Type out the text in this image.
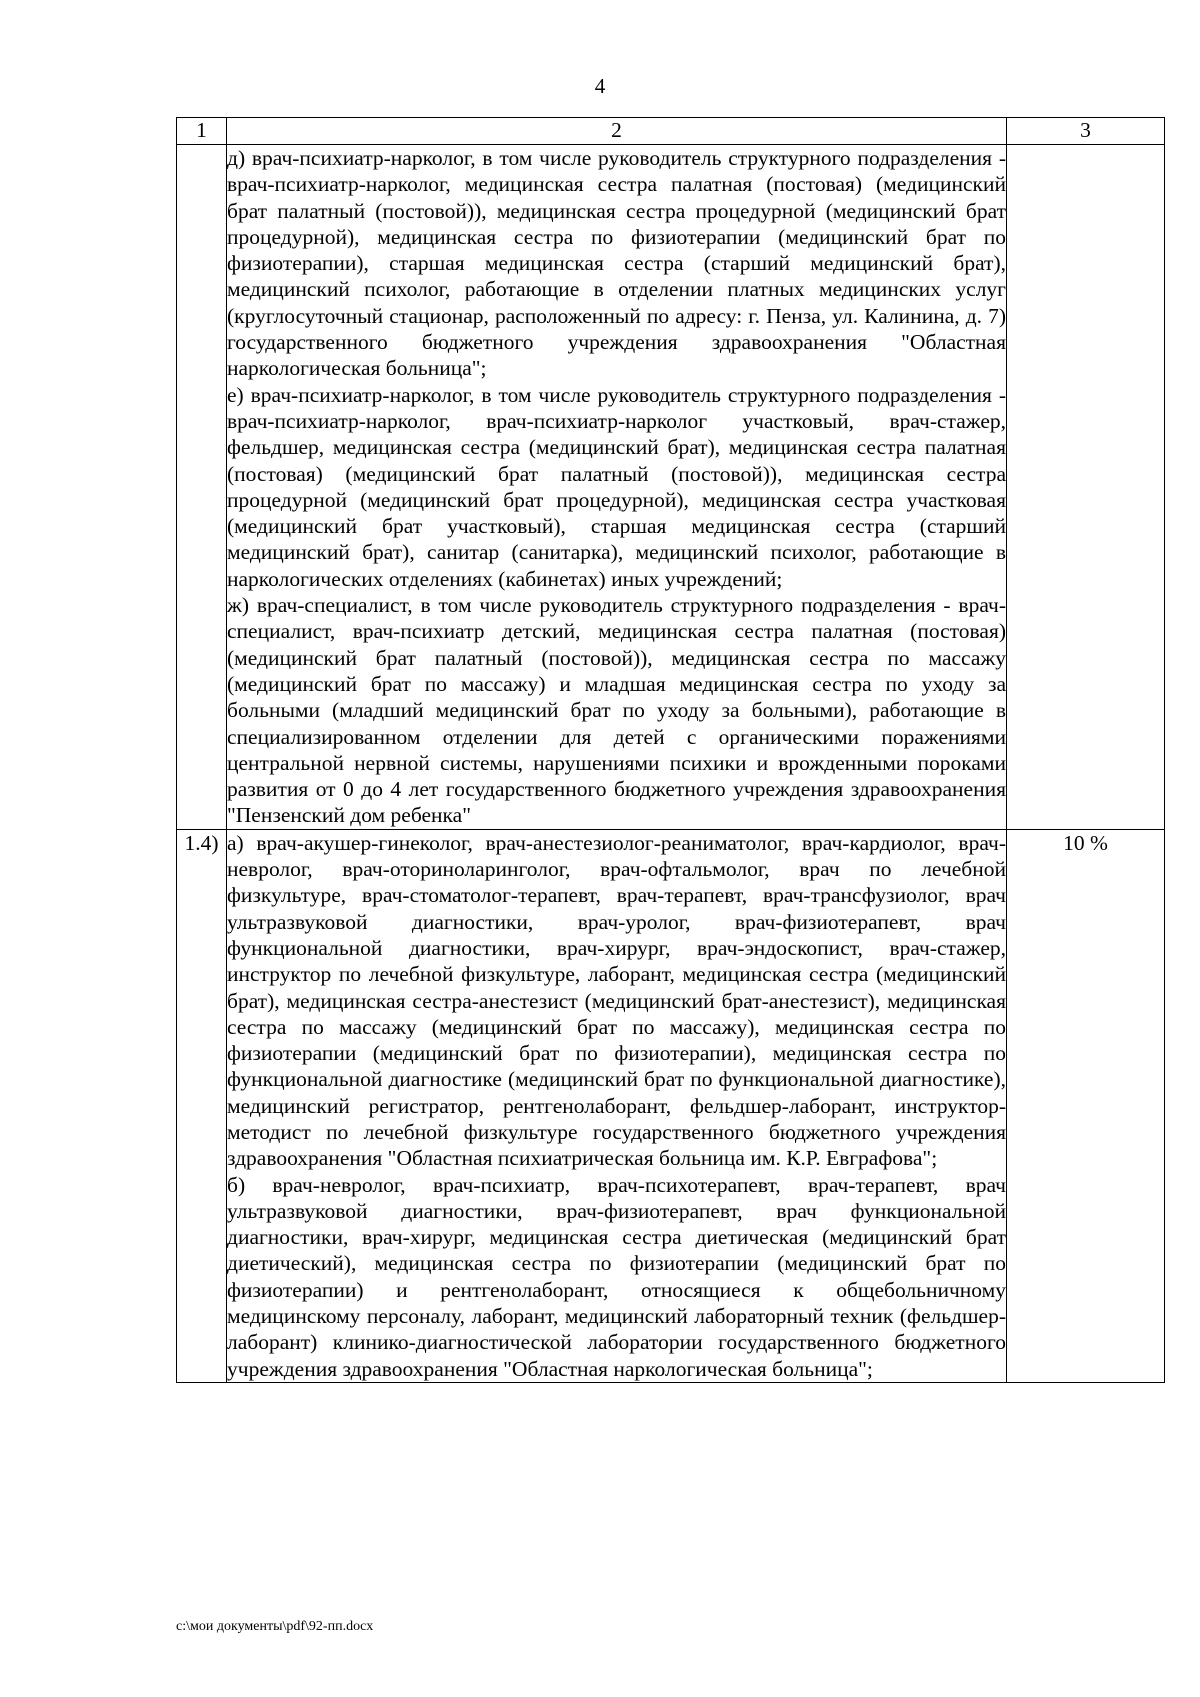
4
1	2	3

	д) врач-психиатр-нарколог, в том числе руководитель структурного подразделения - врач-психиатр-нарколог, медицинская сестра палатная (постовая) (медицинский брат палатный (постовой)), медицинская сестра процедурной (медицинский брат процедурной), медицинская сестра по физиотерапии (медицинский брат по физиотерапии), старшая медицинская сестра (старший медицинский брат), медицинский психолог, работающие в отделении платных медицинских услуг (круглосуточный стационар, расположенный по адресу: г. Пенза, ул. Калинина, д. 7) государственного бюджетного учреждения здравоохранения "Областная наркологическая больница";
е) врач-психиатр-нарколог, в том числе руководитель структурного подразделения - врач-психиатр-нарколог, врач-психиатр-нарколог участковый, врач-стажер, фельдшер, медицинская сестра (медицинский брат), медицинская сестра палатная (постовая) (медицинский брат палатный (постовой)), медицинская сестра процедурной (медицинский брат процедурной), медицинская сестра участковая (медицинский брат участковый), старшая медицинская сестра (старший медицинский брат), санитар (санитарка), медицинский психолог, работающие в наркологических отделениях (кабинетах) иных учреждений;
ж) врач-специалист, в том числе руководитель структурного подразделения - врач-специалист, врач-психиатр детский, медицинская сестра палатная (постовая) (медицинский брат палатный (постовой)), медицинская сестра по массажу (медицинский брат по массажу) и младшая медицинская сестра по уходу за больными (младший медицинский брат по уходу за больными), работающие в специализированном отделении для детей с органическими поражениями центральной нервной системы, нарушениями психики и врожденными пороками развития от 0 до 4 лет государственного бюджетного учреждения здравоохранения "Пензенский дом ребенка"	

1.4)	а) врач-акушер-гинеколог, врач-анестезиолог-реаниматолог, врач-кардиолог, врач-невролог, врач-оториноларинголог, врач-офтальмолог, врач по лечебной физкультуре, врач-стоматолог-терапевт, врач-терапевт, врач-трансфузиолог, врач ультразвуковой диагностики, врач-уролог, врач-физиотерапевт, врач функциональной диагностики, врач-хирург, врач-эндоскопист, врач-стажер, инструктор по лечебной физкультуре, лаборант, медицинская сестра (медицинский брат), медицинская сестра-анестезист (медицинский брат-анестезист), медицинская сестра по массажу (медицинский брат по массажу), медицинская сестра по физиотерапии (медицинский брат по физиотерапии), медицинская сестра по функциональной диагностике (медицинский брат по функциональной диагностике), медицинский регистратор, рентгенолаборант, фельдшер-лаборант, инструктор-методист по лечебной физкультуре государственного бюджетного учреждения здравоохранения "Областная психиатрическая больница им. К.Р. Евграфова";
б) врач-невролог, врач-психиатр, врач-психотерапевт, врач-терапевт, врач ультразвуковой диагностики, врач-физиотерапевт, врач функциональной диагностики, врач-хирург, медицинская сестра диетическая (медицинский брат диетический), медицинская сестра по физиотерапии (медицинский брат по физиотерапии) и рентгенолаборант, относящиеся к общебольничному медицинскому персоналу, лаборант, медицинский лабораторный техник (фельдшер-лаборант) клинико-диагностической лаборатории государственного бюджетного учреждения здравоохранения "Областная наркологическая больница";	10 %
c:\мои документы\pdf\92-пп.docx
